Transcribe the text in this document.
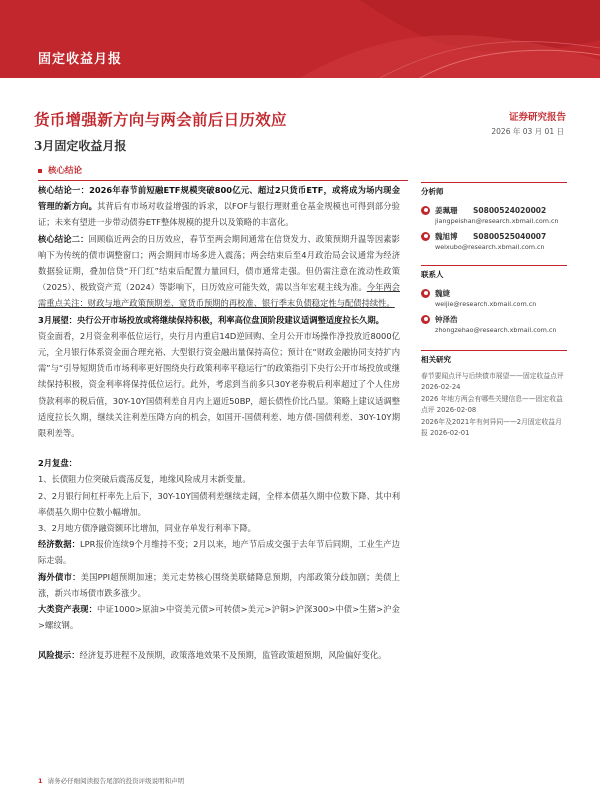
固定收益月报
货币增强新方向与两会前后日历效应
3月固定收益月报
证券研究报告
2026 年 03 月 01 日
核心结论

核心结论一：2026年春节前短融ETF规模突破800亿元、超过2只货币ETF，或将成为场内现金管理的新方向。其背后有市场对收益增强的诉求，以FOF与银行理财重仓基金规模也可得到部分验证；未来有望进一步带动债券ETF整体规模的提升以及策略的丰富化。

核心结论二：回顾临近两会的日历效应，春节至两会期间通常在信贷发力、政策预期升温等因素影响下为传统的债市调整窗口；两会期间市场多进入震荡；两会结束后至4月政治局会议通常为经济数据验证期，叠加信贷“开门红”结束后配置力量回归，债市通常走强。但仍需注意在流动性政策（2025）、极致资产荒（2024）等影响下，日历效应可能失效，需以当年宏观主线为准。今年两会需重点关注：财政与地产政策预期差、宽货币预期的再校准、银行季末负债稳定性与配债持续性。

3月展望：央行公开市场投放或将继续保持积极，利率高位盘顶阶段建议适调整适度拉长久期。

资金面看，2月资金利率低位运行，央行月内重启14D逆回购、全月公开市场操作净投放近8000亿元，全月银行体系资金面合理充裕、大型银行资金融出量保持高位；预计在“财政金融协同支持扩内需”与“引导短期货币市场利率更好围绕央行政策利率平稳运行”的政策指引下央行公开市场投放或继续保持积极，资金利率将保持低位运行。此外，考虑到当前多只30Y老券税后利率超过了个人住房贷款利率的税后值，30Y-10Y国债利差自月内上逼近50BP，超长债性价比凸显。策略上建议适调整适度拉长久期，继续关注利差压降方向的机会，如国开-国债利差、地方债-国债利差、30Y-10Y期限利差等。

2月复盘：

1、长债阻力位突破后震荡反复，地缘风险成月末新变量。

2、2月银行间杠杆率先上后下，30Y-10Y国债利差继续走阔，全样本债基久期中位数下降、其中利率债基久期中位数小幅增加。

3、2月地方债净融资额环比增加，同业存单发行利率下降。

经济数据：LPR报价连续9个月维持不变；2月以来，地产节后成交强于去年节后同期，工业生产边际走弱。

海外债市：美国PPI超预期加速；美元走势核心围绕美联储降息预期，内部政策分歧加剧；美债上涨，新兴市场债市跌多涨少。

大类资产表现：中证1000>原油>中资美元债>可转债>美元>沪铜>沪深300>中债>生猪>沪金>螺纹钢。

风险提示：经济复苏进程不及预期，政策落地效果不及预期，监管政策超预期，风险偏好变化。

分析师
姜珮珊	S0800524020002
jiangpeishan@research.xbmail.com.cn
魏旭博	S0800525040007
weixubo@research.xbmail.com.cn
联系人
魏婕
weijie@research.xbmail.com.cn
钟泽浩
zhongzehao@research.xbmail.com.cn
相关研究
春节要闻点评与后续债市展望——固定收益点评 2026-02-24
2026 年地方两会有哪些关键信息——固定收益点评 2026-02-08
2026年及2021年有何异同——2月固定收益月报 2026-02-01
1 请务必仔细阅读报告尾部的投资评级说明和声明
